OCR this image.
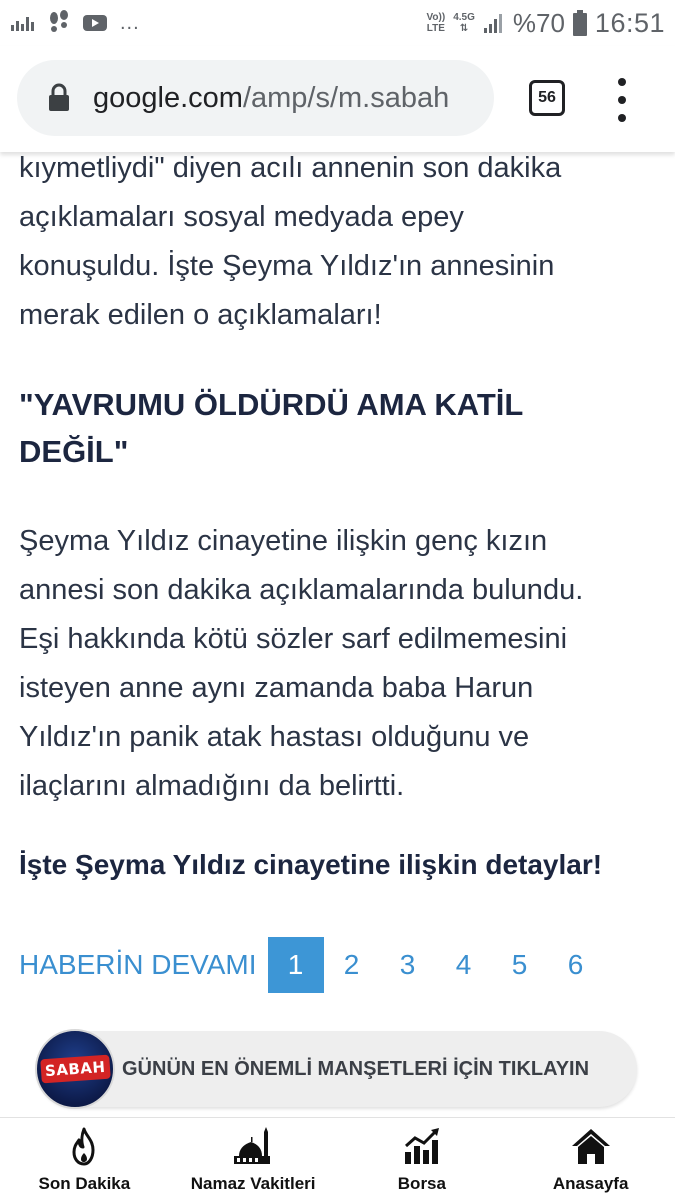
...	Vo))
LTE
4.5G
⇅ %70 16:51
google.com/amp/s/m.sabah	56
kıymetliydi" diyen acılı annenin son dakika
açıklamaları sosyal medyada epey
konuşuldu. İşte Şeyma Yıldız'ın annesinin
merak edilen o açıklamaları!
"YAVRUMU ÖLDÜRDÜ AMA KATİL
DEĞİL"
Şeyma Yıldız cinayetine ilişkin genç kızın
annesi son dakika açıklamalarında bulundu.
Eşi hakkında kötü sözler sarf edilmemesini
isteyen anne aynı zamanda baba Harun
Yıldız'ın panik atak hastası olduğunu ve
ilaçlarını almadığını da belirtti.
İşte Şeyma Yıldız cinayetine ilişkin detaylar!
HABERİN DEVAMI	1	2	3	4	5	6
SABAH GÜNÜN EN ÖNEMLİ MANŞETLERİ İÇİN TIKLAYIN
Son Dakika	Namaz Vakitleri	Borsa	Anasayfa
